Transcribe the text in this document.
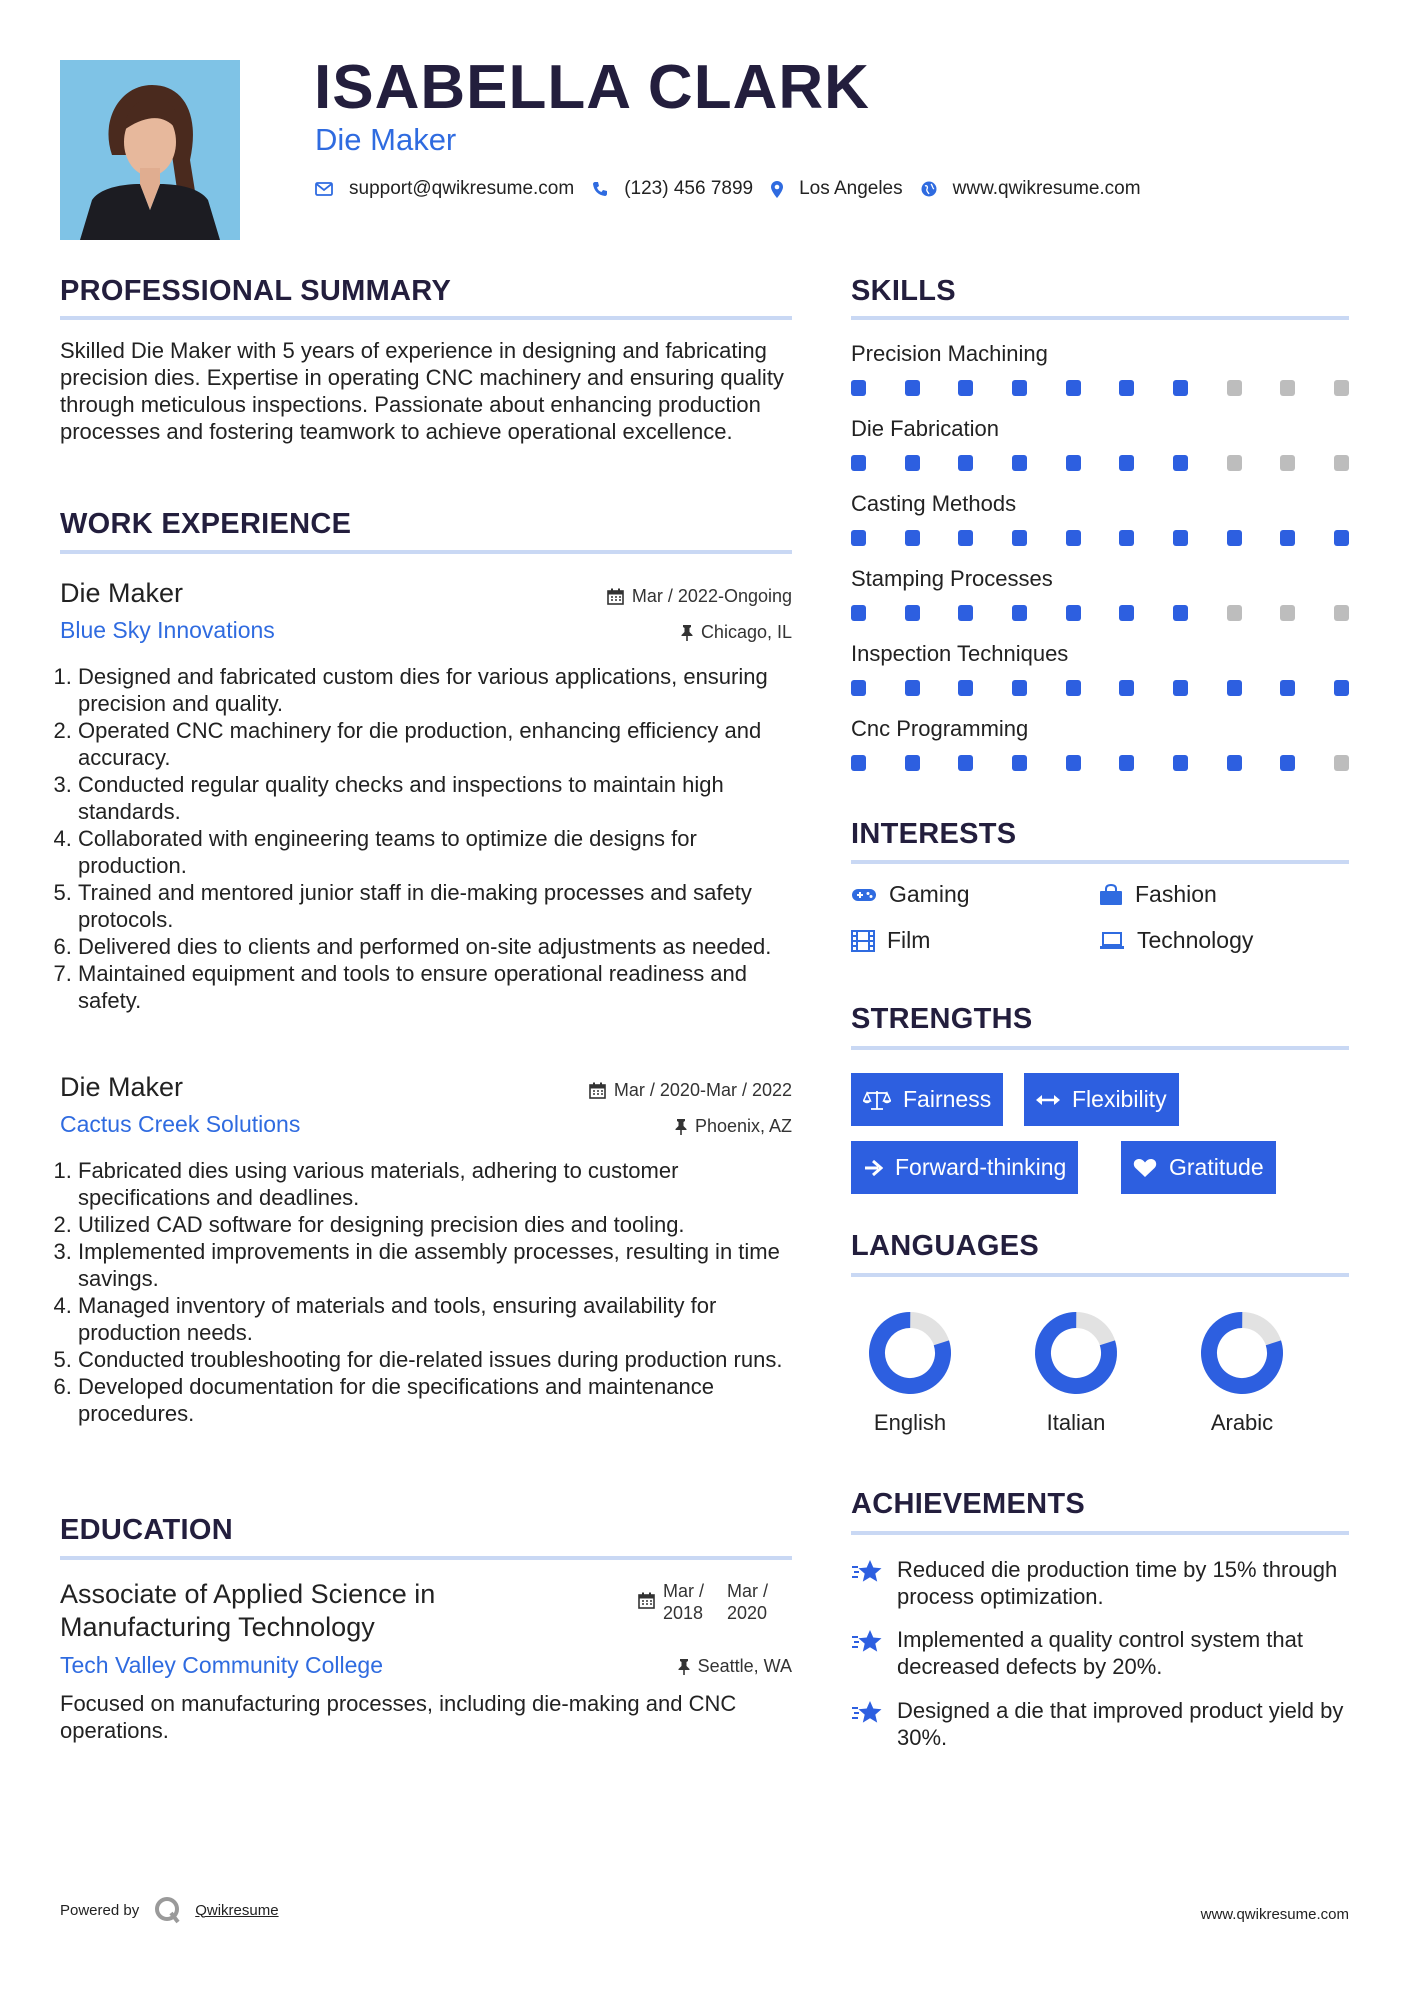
ISABELLA CLARK
Die Maker
support@qwikresume.com	(123) 456 7899 Los Angeles	www.qwikresume.com
PROFESSIONAL SUMMARY
Skilled Die Maker with 5 years of experience in designing and fabricating precision dies. Expertise in operating CNC machinery and ensuring quality through meticulous inspections. Passionate about enhancing production processes and fostering teamwork to achieve operational excellence.
WORK EXPERIENCE
Die Maker	Mar / 2022-Ongoing
Blue Sky Innovations	Chicago, IL
1. Designed and fabricated custom dies for various applications, ensuring precision and quality.
2. Operated CNC machinery for die production, enhancing efficiency and accuracy.
3. Conducted regular quality checks and inspections to maintain high standards.
4. Collaborated with engineering teams to optimize die designs for production.
5. Trained and mentored junior staff in die-making processes and safety protocols.
6. Delivered dies to clients and performed on-site adjustments as needed.
7. Maintained equipment and tools to ensure operational readiness and safety.
Die Maker	Mar / 2020-Mar / 2022
Cactus Creek Solutions	Phoenix, AZ
1. Fabricated dies using various materials, adhering to customer specifications and deadlines.
2. Utilized CAD software for designing precision dies and tooling.
3. Implemented improvements in die assembly processes, resulting in time savings.
4. Managed inventory of materials and tools, ensuring availability for production needs.
5. Conducted troubleshooting for die-related issues during production runs.
6. Developed documentation for die specifications and maintenance procedures.
EDUCATION
Associate of Applied Science in Manufacturing Technology
Mar / 2018
Mar / 2020
Tech Valley Community College	Seattle, WA
Focused on manufacturing processes, including die-making and CNC operations.
SKILLS
Precision Machining
Die Fabrication
Casting Methods
Stamping Processes
Inspection Techniques
Cnc Programming
INTERESTS
Gaming	Fashion
Film	Technology
STRENGTHS
Fairness	Flexibility
Forward-thinking	Gratitude
LANGUAGES
English	Italian	Arabic
ACHIEVEMENTS
Reduced die production time by 15% through process optimization.
Implemented a quality control system that decreased defects by 20%.
Designed a die that improved product yield by 30%.
Powered by	Qwikresume	www.qwikresume.com
